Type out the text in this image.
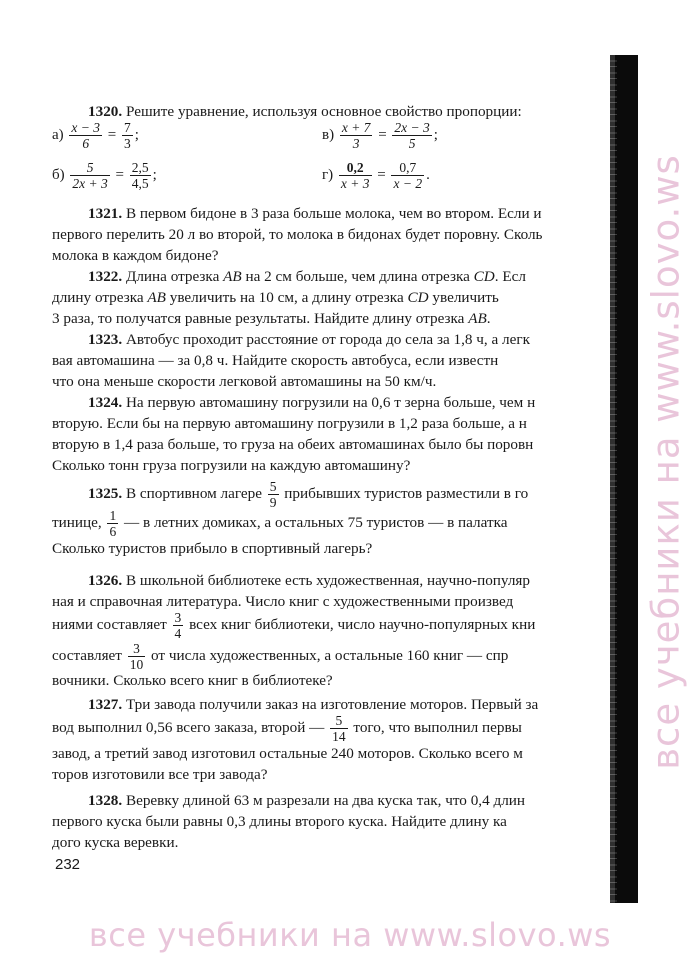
1320. Решите уравнение, используя основное свойство пропорции:
$а) \frac{x - 3}{6} = \frac{7}{3}$ ;	$в) \frac{x + 7}{3} = \frac{2x - 3}{5}$ ;
$б) \frac{5}{2x + 3} = \frac{2,5}{4,5}$ ;	$г) \frac{0,2}{x + 3} = \frac{0,7}{x - 2}$ .
1321. В первом бидоне в 3 раза больше молока, чем во втором. Если и
первого перелить 20 л во второй, то молока в бидонах будет поровну. Сколь
молока в каждом бидоне?
1322. Длина отрезка AB на 2 см больше, чем длина отрезка CD. Есл
длину отрезка AB увеличить на 10 см, а длину отрезка CD увеличить
3 раза, то получатся равные результаты. Найдите длину отрезка AB.
1323. Автобус проходит расстояние от города до села за 1,8 ч, а легк
вая автомашина — за 0,8 ч. Найдите скорость автобуса, если известн
что она меньше скорости легковой автомашины на 50 км/ч.
1324. На первую автомашину погрузили на 0,6 т зерна больше, чем н
вторую. Если бы на первую автомашину погрузили в 1,2 раза больше, а н
вторую в 1,4 раза больше, то груза на обеих автомашинах было бы поровн
Сколько тонн груза погрузили на каждую автомашину?
1325. В спортивном лагере $\frac{5}{9}$ прибывших туристов разместили в го
тинице, $\frac{1}{6}$ — в летних домиках, а остальных 75 туристов — в палатка
Сколько туристов прибыло в спортивный лагерь?
1326. В школьной библиотеке есть художественная, научно-популяр
ная и справочная литература. Число книг с художественными произвед
ниями составляет $\frac{3}{4}$ всех книг библиотеки, число научно-популярных кни
составляет $\frac{3}{10}$ от числа художественных, а остальные 160 книг — спр
вочники. Сколько всего книг в библиотеке?
1327. Три завода получили заказ на изготовление моторов. Первый за
вод выполнил 0,56 всего заказа, второй — $\frac{5}{14}$ того, что выполнил первы
завод, а третий завод изготовил остальные 240 моторов. Сколько всего м
торов изготовили все три завода?
1328. Веревку длиной 63 м разрезали на два куска так, что 0,4 длин
первого куска были равны 0,3 длины второго куска. Найдите длину ка
дого куска веревки.
232
все учебники на www.slovo.ws
все учебники на www.slovo.ws
